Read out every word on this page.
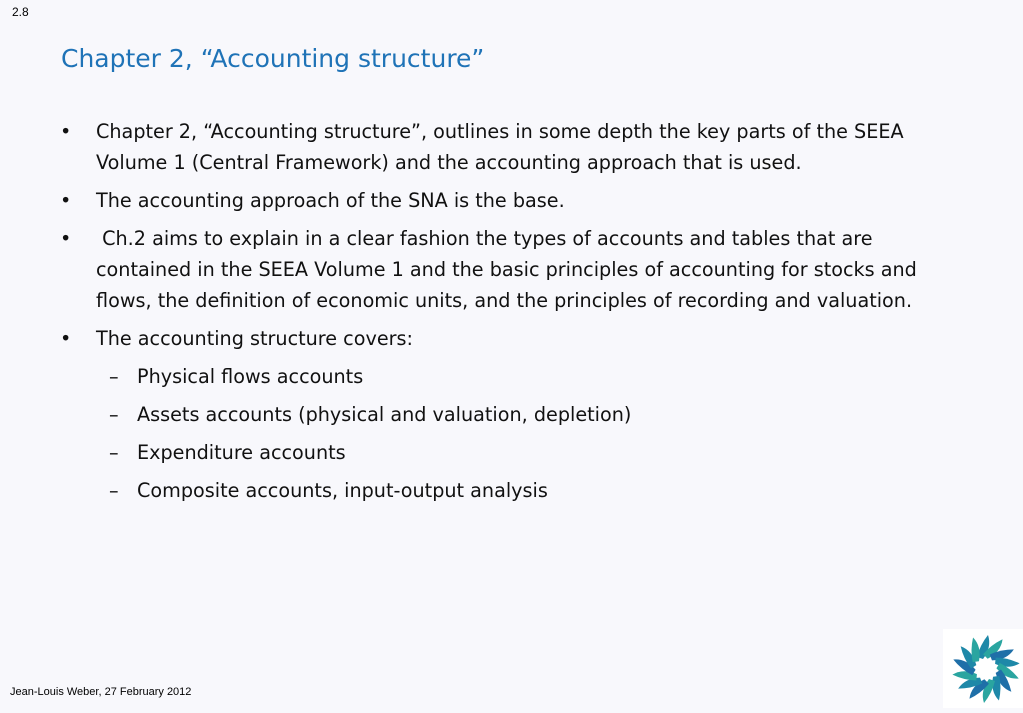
2.8
Chapter 2, “Accounting structure”
• Chapter 2, “Accounting structure”, outlines in some depth the key parts of the SEEA Volume 1 (Central Framework) and the accounting approach that is used.
• The accounting approach of the SNA is the base.
• Ch.2 aims to explain in a clear fashion the types of accounts and tables that are contained in the SEEA Volume 1 and the basic principles of accounting for stocks and flows, the definition of economic units, and the principles of recording and valuation.
• The accounting structure covers:
– Physical flows accounts
– Assets accounts (physical and valuation, depletion)
– Expenditure accounts
– Composite accounts, input-output analysis
Jean-Louis Weber, 27 February 2012
